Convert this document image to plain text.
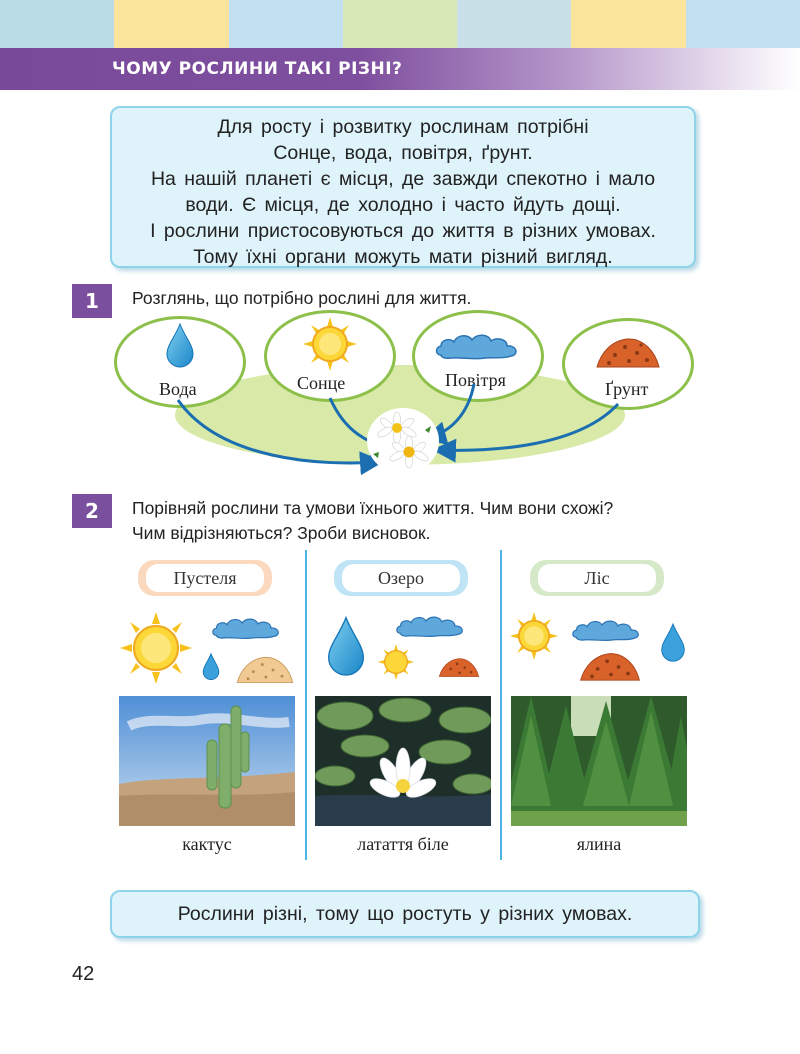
ЧОМУ РОСЛИНИ ТАКІ РІЗНІ?
Для росту і розвитку рослинам потрібні
Сонце, вода, повітря, ґрунт.
На нашій планеті є місця, де завжди спекотно і мало
води. Є місця, де холодно і часто йдуть дощі.
І рослини пристосовуються до життя в різних умовах.
Тому їхні органи можуть мати різний вигляд.
1	Розглянь, що потрібно рослині для життя.
Вода	Сонце	Повітря	Ґрунт
2	Порівняй рослини та умови їхнього життя. Чим вони схожі?
Чим відрізняються? Зроби висновок.
Пустеля	Озеро	Ліс
кактус	латаття біле	ялина
Рослини різні, тому що ростуть у різних умовах.
42
